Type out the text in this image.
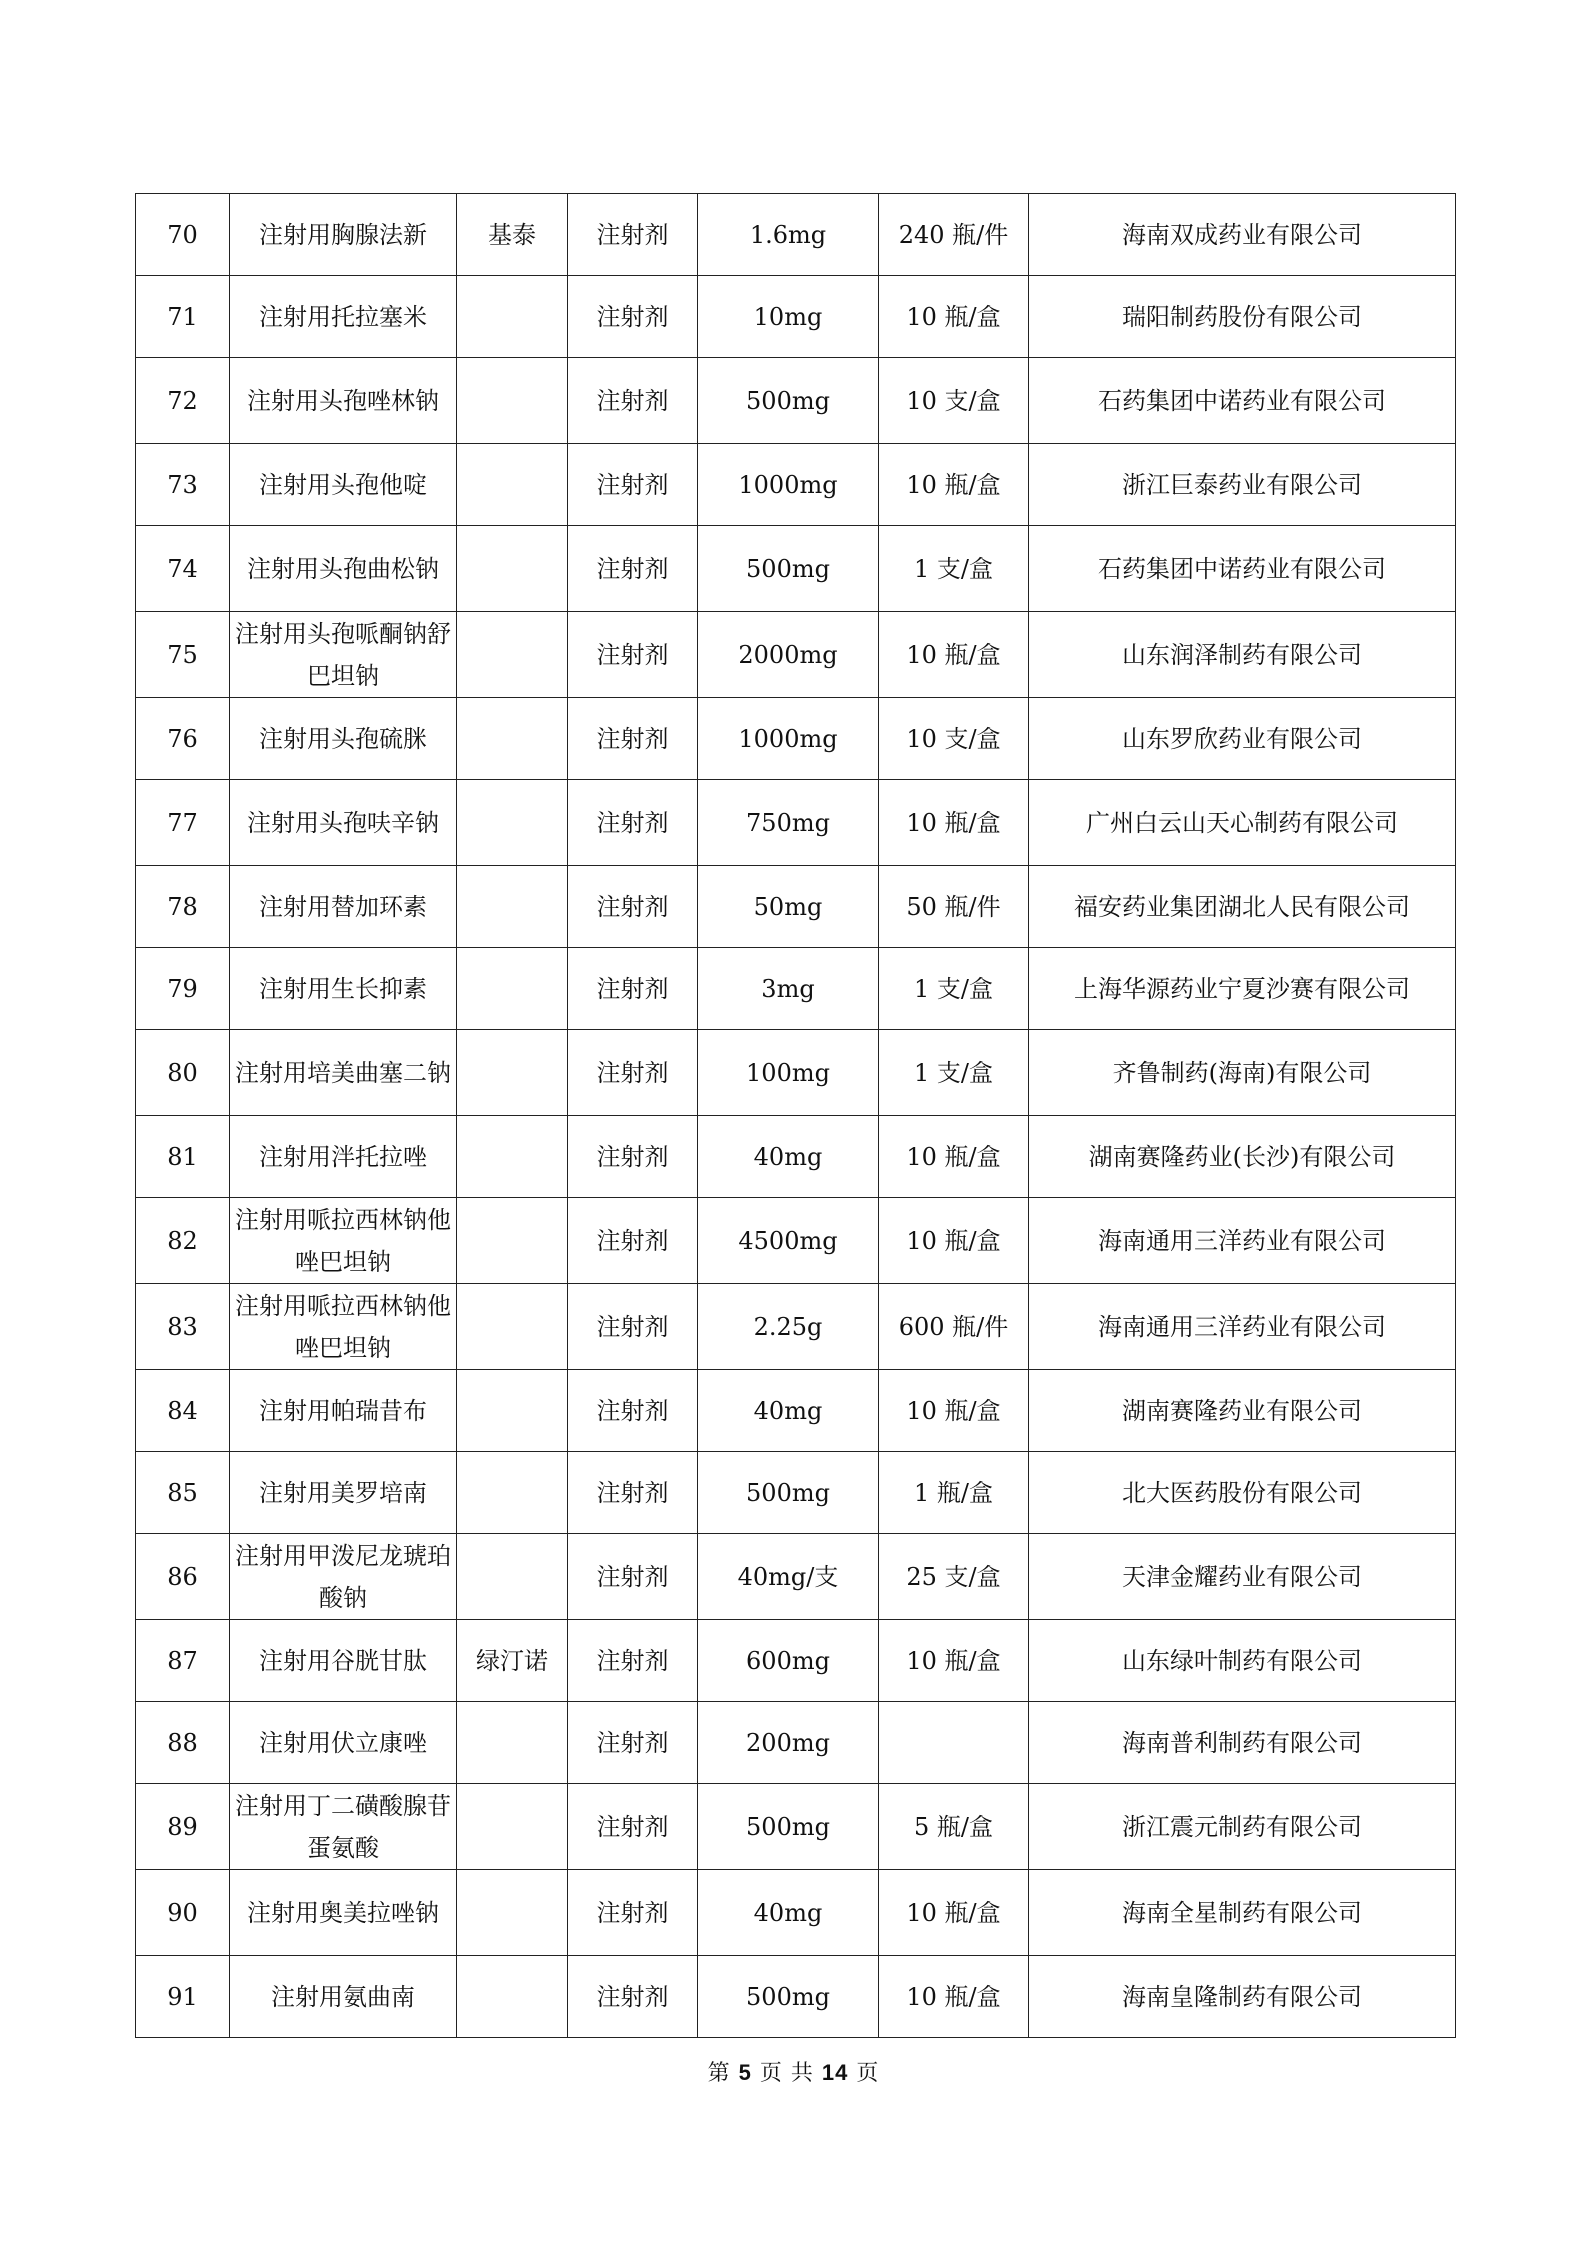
70	注射用胸腺法新	基泰	注射剂	1.6mg	240 瓶/件	海南双成药业有限公司
71	注射用托拉塞米		注射剂	10mg	10 瓶/盒	瑞阳制药股份有限公司
72	注射用头孢唑林钠		注射剂	500mg	10 支/盒	石药集团中诺药业有限公司
73	注射用头孢他啶		注射剂	1000mg	10 瓶/盒	浙江巨泰药业有限公司
74	注射用头孢曲松钠		注射剂	500mg	1 支/盒	石药集团中诺药业有限公司
75	注射用头孢哌酮钠舒巴坦钠		注射剂	2000mg	10 瓶/盒	山东润泽制药有限公司
76	注射用头孢硫脒		注射剂	1000mg	10 支/盒	山东罗欣药业有限公司
77	注射用头孢呋辛钠		注射剂	750mg	10 瓶/盒	广州白云山天心制药有限公司
78	注射用替加环素		注射剂	50mg	50 瓶/件	福安药业集团湖北人民有限公司
79	注射用生长抑素		注射剂	3mg	1 支/盒	上海华源药业宁夏沙赛有限公司
80	注射用培美曲塞二钠		注射剂	100mg	1 支/盒	齐鲁制药(海南)有限公司
81	注射用泮托拉唑		注射剂	40mg	10 瓶/盒	湖南赛隆药业(长沙)有限公司
82	注射用哌拉西林钠他唑巴坦钠		注射剂	4500mg	10 瓶/盒	海南通用三洋药业有限公司
83	注射用哌拉西林钠他唑巴坦钠		注射剂	2.25g	600 瓶/件	海南通用三洋药业有限公司
84	注射用帕瑞昔布		注射剂	40mg	10 瓶/盒	湖南赛隆药业有限公司
85	注射用美罗培南		注射剂	500mg	1 瓶/盒	北大医药股份有限公司
86	注射用甲泼尼龙琥珀酸钠		注射剂	40mg/支	25 支/盒	天津金耀药业有限公司
87	注射用谷胱甘肽	绿汀诺	注射剂	600mg	10 瓶/盒	山东绿叶制药有限公司
88	注射用伏立康唑		注射剂	200mg		海南普利制药有限公司
89	注射用丁二磺酸腺苷蛋氨酸		注射剂	500mg	5 瓶/盒	浙江震元制药有限公司
90	注射用奥美拉唑钠		注射剂	40mg	10 瓶/盒	海南全星制药有限公司
91	注射用氨曲南		注射剂	500mg	10 瓶/盒	海南皇隆制药有限公司
第 5 页 共 14 页
